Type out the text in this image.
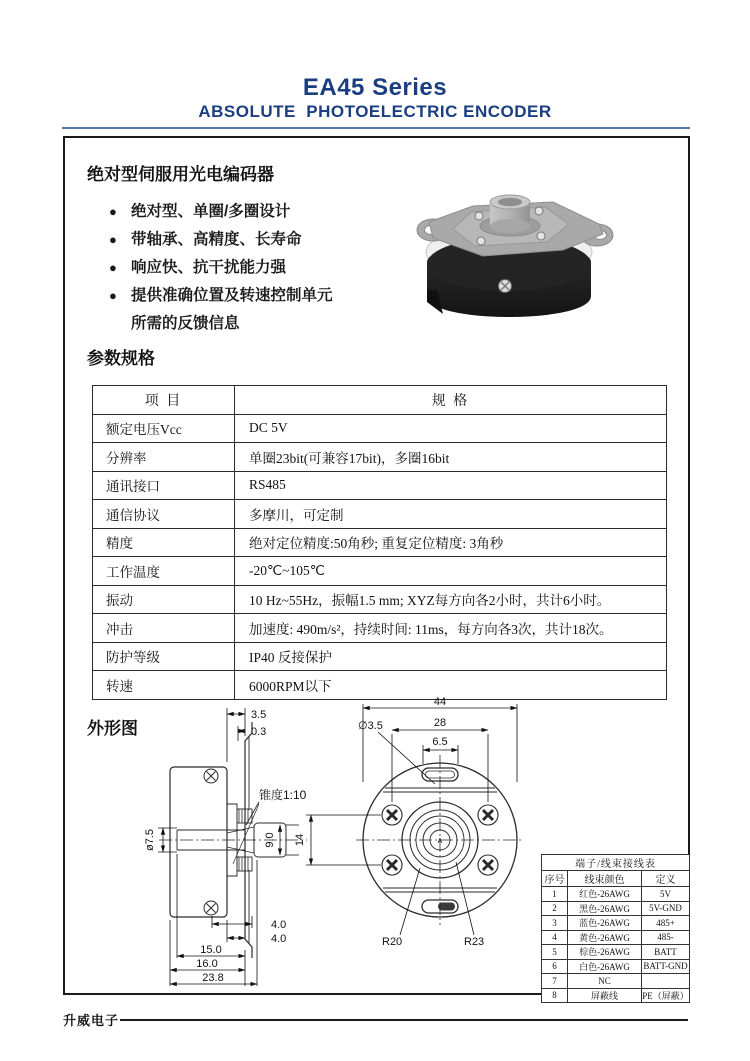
EA45 Series
ABSOLUTE  PHOTOELECTRIC ENCODER
绝对型伺服用光电编码器
● 绝对型、单圈/多圈设计
● 带轴承、高精度、长寿命
● 响应快、抗干扰能力强
● 提供准确位置及转速控制单元
所需的反馈信息
参数规格
项 目	规 格
额定电压Vcc	DC 5V
分辨率	单圈23bit(可兼容17bit)，多圈16bit
通讯接口	RS485
通信协议	多摩川，可定制
精度	绝对定位精度:50角秒; 重复定位精度: 3角秒
工作温度	-20℃~105℃
振动	10 Hz~55Hz，振幅1.5 mm; XYZ每方向各2小时，共计6小时。
冲击	加速度: 490m/s²，持续时间: 11ms，每方向各3次，共计18次。
防护等级	IP40 反接保护
转速	6000RPM以下
外形图
3.5
0.3
锥度1:10
ø7.5	9.0
4.0
4.0
15.0
16.0
23.8
44
28
6.5
∅3.5
14
R20	R23
A
端子/线束接线表		
序号	线束颜色	定义
1	红色-26AWG	5V
2	黑色-26AWG	5V-GND
3	蓝色-26AWG	485+
4	黄色-26AWG	485-
5	棕色-26AWG	BATT
6	白色-26AWG	BATT-GND
7	NC	
8	屏蔽线	PE（屏蔽）
升威电子
